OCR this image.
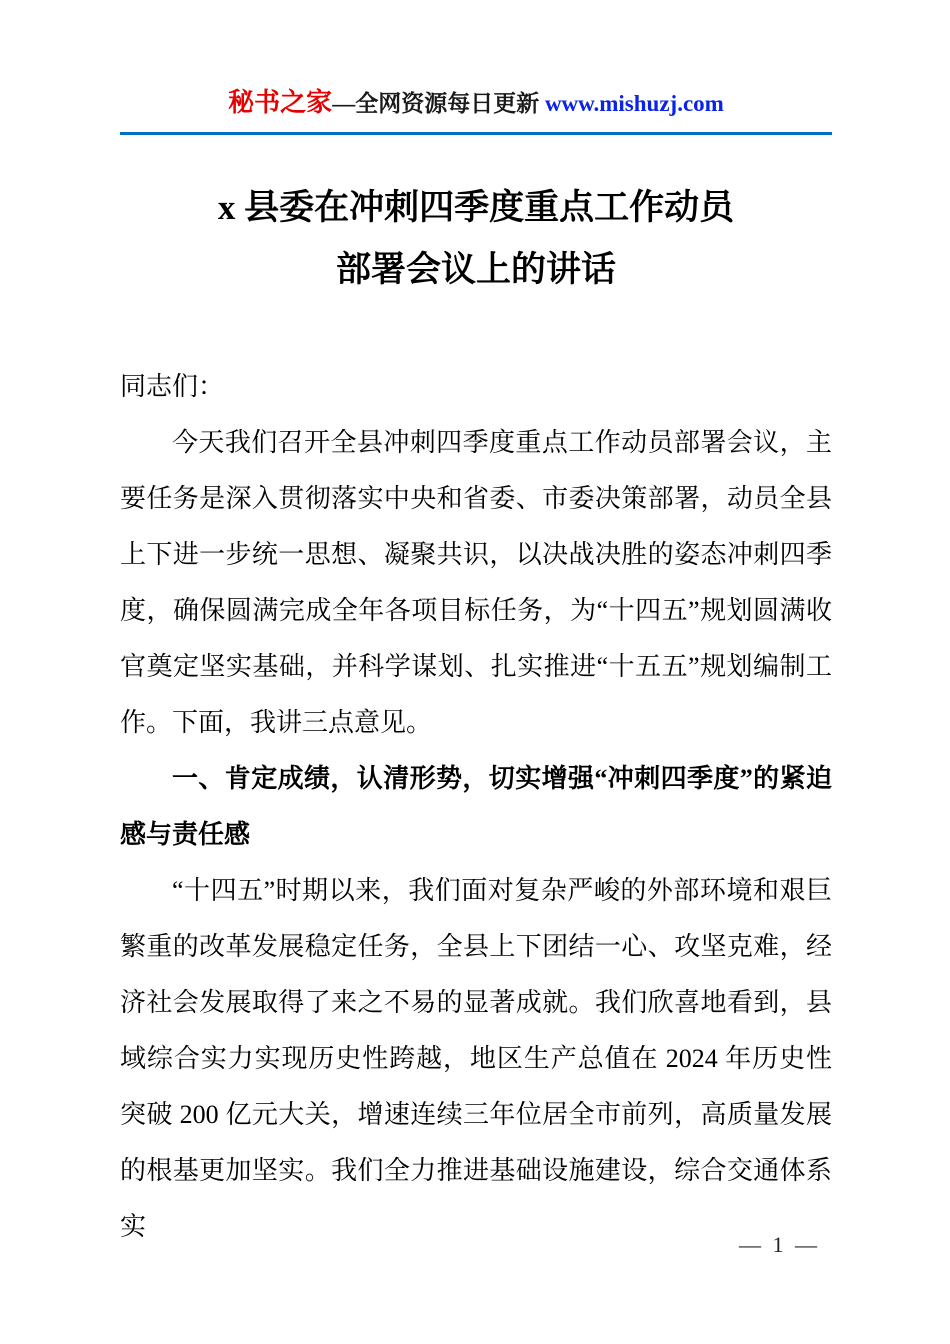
秘书之家—全网资源每日更新 www.mishuzj.com
x 县委在冲刺四季度重点工作动员
部署会议上的讲话

同志们：

今天我们召开全县冲刺四季度重点工作动员部署会议，主要任务是深入贯彻落实中央和省委、市委决策部署，动员全县上下进一步统一思想、凝聚共识，以决战决胜的姿态冲刺四季度，确保圆满完成全年各项目标任务，为“十四五”规划圆满收官奠定坚实基础，并科学谋划、扎实推进“十五五”规划编制工作。下面，我讲三点意见。

一、肯定成绩，认清形势，切实增强“冲刺四季度”的紧迫感与责任感

“十四五”时期以来，我们面对复杂严峻的外部环境和艰巨繁重的改革发展稳定任务，全县上下团结一心、攻坚克难，经济社会发展取得了来之不易的显著成就。我们欣喜地看到，县域综合实力实现历史性跨越，地区生产总值在 2024 年历史性突破 200 亿元大关，增速连续三年位居全市前列，高质量发展的根基更加坚实。我们全力推进基础设施建设，综合交通体系实

— 1 —
